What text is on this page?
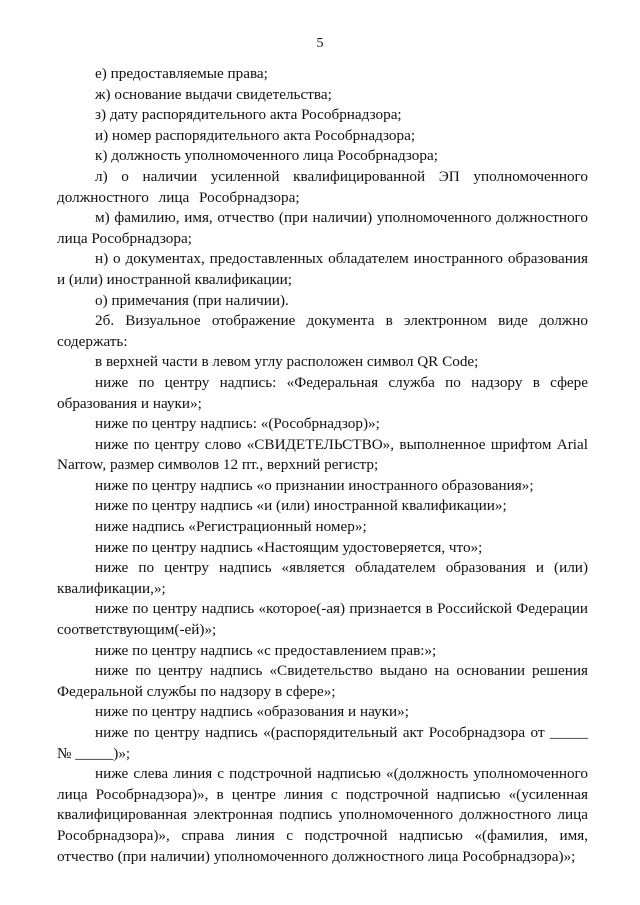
5

е) предоставляемые права;

ж) основание выдачи свидетельства;

з) дату распорядительного акта Рособрнадзора;

и) номер распорядительного акта Рособрнадзора;

к) должность уполномоченного лица Рособрнадзора;

л) о наличии усиленной квалифицированной ЭП уполномоченного должностного лица Рособрнадзора;

м) фамилию, имя, отчество (при наличии) уполномоченного должностного лица Рособрнадзора;

н) о документах, предоставленных обладателем иностранного образования и (или) иностранной квалификации;

о) примечания (при наличии).

2б. Визуальное отображение документа в электронном виде должно содержать:

в верхней части в левом углу расположен символ QR Code;

ниже по центру надпись: «Федеральная служба по надзору в сфере образования и науки»;

ниже по центру надпись: «(Рособрнадзор)»;

ниже по центру слово «СВИДЕТЕЛЬСТВО», выполненное шрифтом Arial Narrow, размер символов 12 пт., верхний регистр;

ниже по центру надпись «о признании иностранного образования»;

ниже по центру надпись «и (или) иностранной квалификации»;

ниже надпись «Регистрационный номер»;

ниже по центру надпись «Настоящим удостоверяется, что»;

ниже по центру надпись «является обладателем образования и (или) квалификации,»;

ниже по центру надпись «которое(-ая) признается в Российской Федерации соответствующим(-ей)»;

ниже по центру надпись «с предоставлением прав:»;

ниже по центру надпись «Свидетельство выдано на основании решения Федеральной службы по надзору в сфере»;

ниже по центру надпись «образования и науки»;

ниже по центру надпись «(распорядительный акт Рособрнадзора от _____ № _____)»;

ниже слева линия с подстрочной надписью «(должность уполномоченного лица Рособрнадзора)», в центре линия с подстрочной надписью «(усиленная квалифицированная электронная подпись уполномоченного должностного лица Рособрнадзора)», справа линия с подстрочной надписью «(фамилия, имя, отчество (при наличии) уполномоченного должностного лица Рособрнадзора)»;
